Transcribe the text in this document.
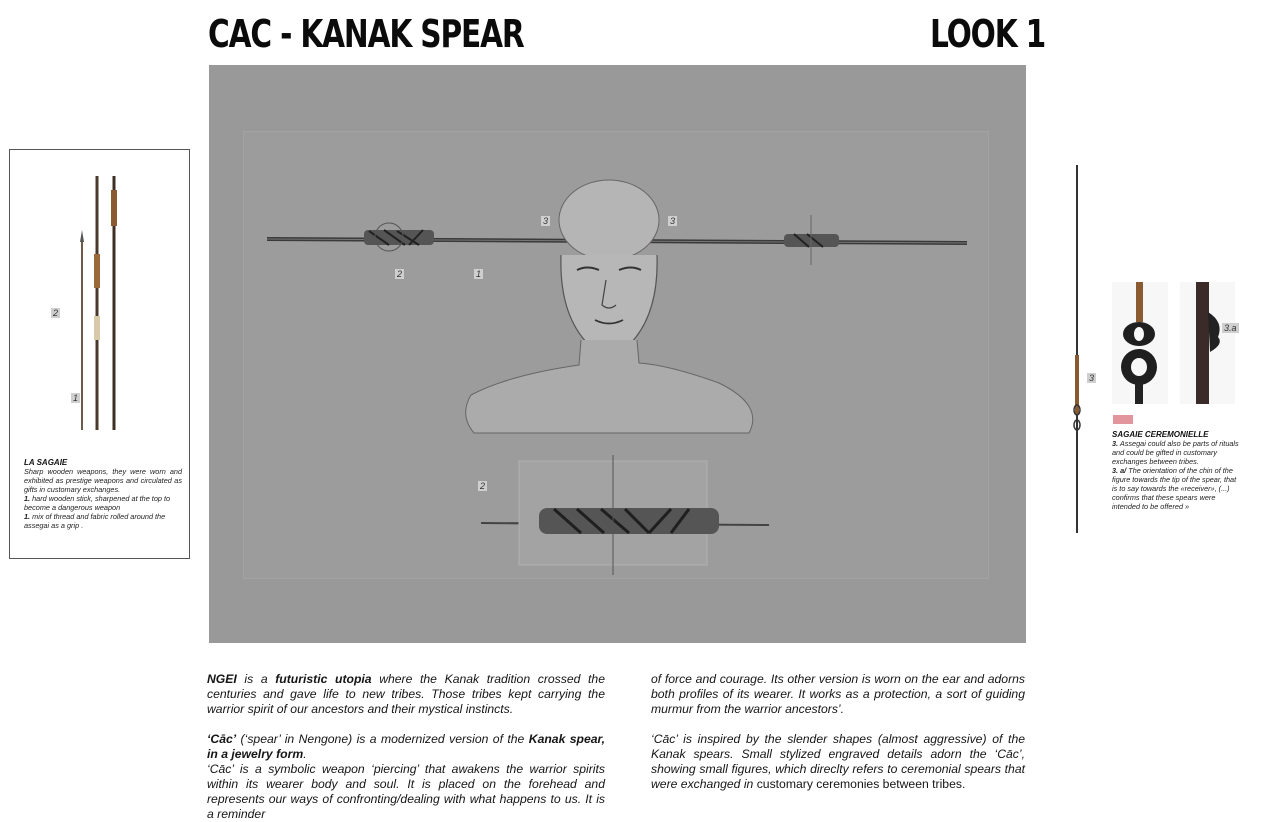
CAC - KANAK SPEAR	LOOK 1
2
1
LA SAGAIE
Sharp wooden weapons, they were worn and exhibited as prestige weapons and circulated as gifts in customary exchanges.
1. hard wooden stick, sharpened at the top to become a dangerous weapon
1. mix of thread and fabric rolled around the assegai as a grip .
3	3
2	1
2
3
3.a
SAGAIE CEREMONIELLE
3. Assegai could also be parts of rituals and could be gifted in customary exchanges between tribes.
3. a/ The orientation of the chin of the figure towards the tip of the spear, that is to say towards the «receiver», (...) confirms that these spears were intended to be offered »

NGEI is a futuristic utopia where the Kanak tradition crossed the centuries and gave life to new tribes. Those tribes kept carrying the warrior spirit of our ancestors and their mystical instincts.

‘Cāc’ (‘spear’ in Nengone) is a modernized version of the Kanak spear, in a jewelry form.
‘Cāc’ is a symbolic weapon ‘piercing’ that awakens the warrior spirits within its wearer body and soul. It is placed on the forehead and represents our ways of confronting/dealing with what happens to us. It is a reminder

of force and courage. Its other version is worn on the ear and adorns both profiles of its wearer. It works as a protection, a sort of guiding murmur from the warrior ancestors’.

‘Cāc’ is inspired by the slender shapes (almost aggressive) of the Kanak spears. Small stylized engraved details adorn the ‘Cāc’, showing small figures, which direclty refers to ceremonial spears that were exchanged in customary ceremonies between tribes.
